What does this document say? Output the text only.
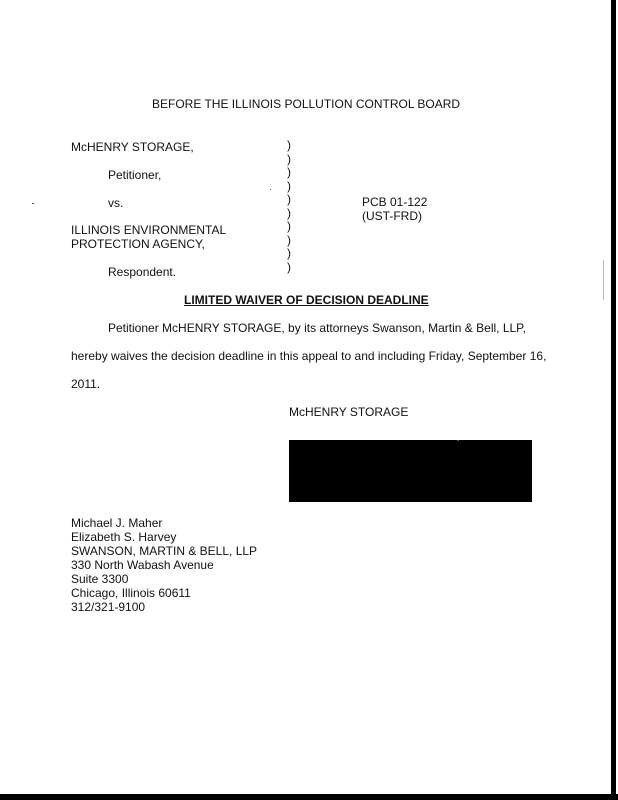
BEFORE THE ILLINOIS POLLUTION CONTROL BOARD
McHENRY STORAGE,
Petitioner,
vs.
ILLINOIS ENVIRONMENTAL
PROTECTION AGENCY,
Respondent.
)
)
)
)
)
)
)
)
)
)
PCB 01-122
(UST-FRD)
LIMITED WAIVER OF DECISION DEADLINE
Petitioner McHENRY STORAGE, by its attorneys Swanson, Martin & Bell, LLP,
hereby waives the decision deadline in this appeal to and including Friday, September 16,
2011.
McHENRY STORAGE
Michael J. Maher
Elizabeth S. Harvey
SWANSON, MARTIN & BELL, LLP
330 North Wabash Avenue
Suite 3300
Chicago, Illinois 60611
312/321-9100
